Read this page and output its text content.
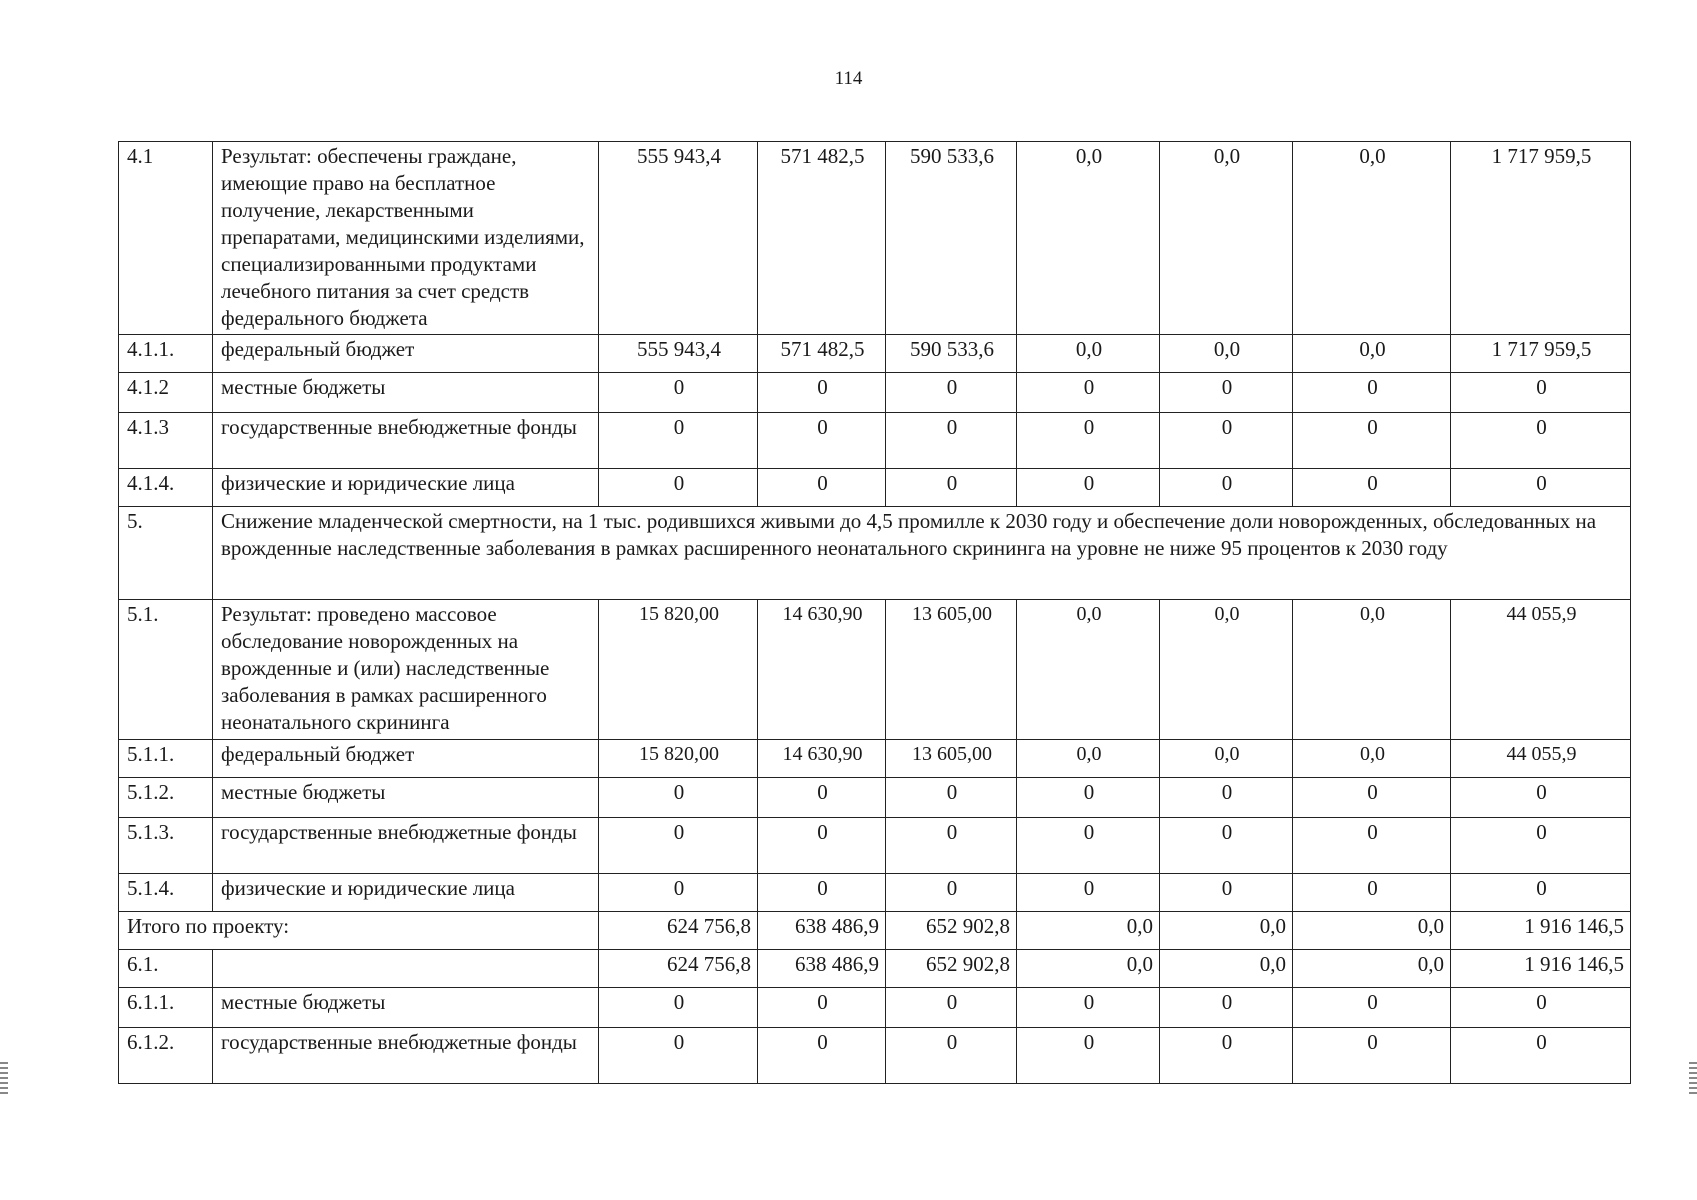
114
4.1	Результат: обеспечены граждане, имеющие право на бесплатное получение, лекарственными препаратами, медицинскими изделиями, специализированными продуктами лечебного питания за счет средств федерального бюджета	555 943,4	571 482,5	590 533,6	0,0	0,0	0,0	1 717 959,5
4.1.1.	федеральный бюджет	555 943,4	571 482,5	590 533,6	0,0	0,0	0,0	1 717 959,5
4.1.2	местные бюджеты	0	0	0	0	0	0	0
4.1.3	государственные внебюджетные фонды	0	0	0	0	0	0	0
4.1.4.	физические и юридические лица	0	0	0	0	0	0	0
5.	Снижение младенческой смертности, на 1 тыс. родившихся живыми до 4,5 промилле к 2030 году и обеспечение доли новорожденных, обследованных на врожденные наследственные заболевания в рамках расширенного неонатального скрининга на уровне не ниже 95 процентов к 2030 году							
5.1.	Результат: проведено массовое обследование новорожденных на врожденные и (или) наследственные заболевания в рамках расширенного неонатального скрининга	15 820,00	14 630,90	13 605,00	0,0	0,0	0,0	44 055,9
5.1.1.	федеральный бюджет	15 820,00	14 630,90	13 605,00	0,0	0,0	0,0	44 055,9
5.1.2.	местные бюджеты	0	0	0	0	0	0	0
5.1.3.	государственные внебюджетные фонды	0	0	0	0	0	0	0
5.1.4.	физические и юридические лица	0	0	0	0	0	0	0
Итого по проекту:		624 756,8	638 486,9	652 902,8	0,0	0,0	0,0	1 916 146,5
6.1.		624 756,8	638 486,9	652 902,8	0,0	0,0	0,0	1 916 146,5
6.1.1.	местные бюджеты	0	0	0	0	0	0	0
6.1.2.	государственные внебюджетные фонды	0	0	0	0	0	0	0
